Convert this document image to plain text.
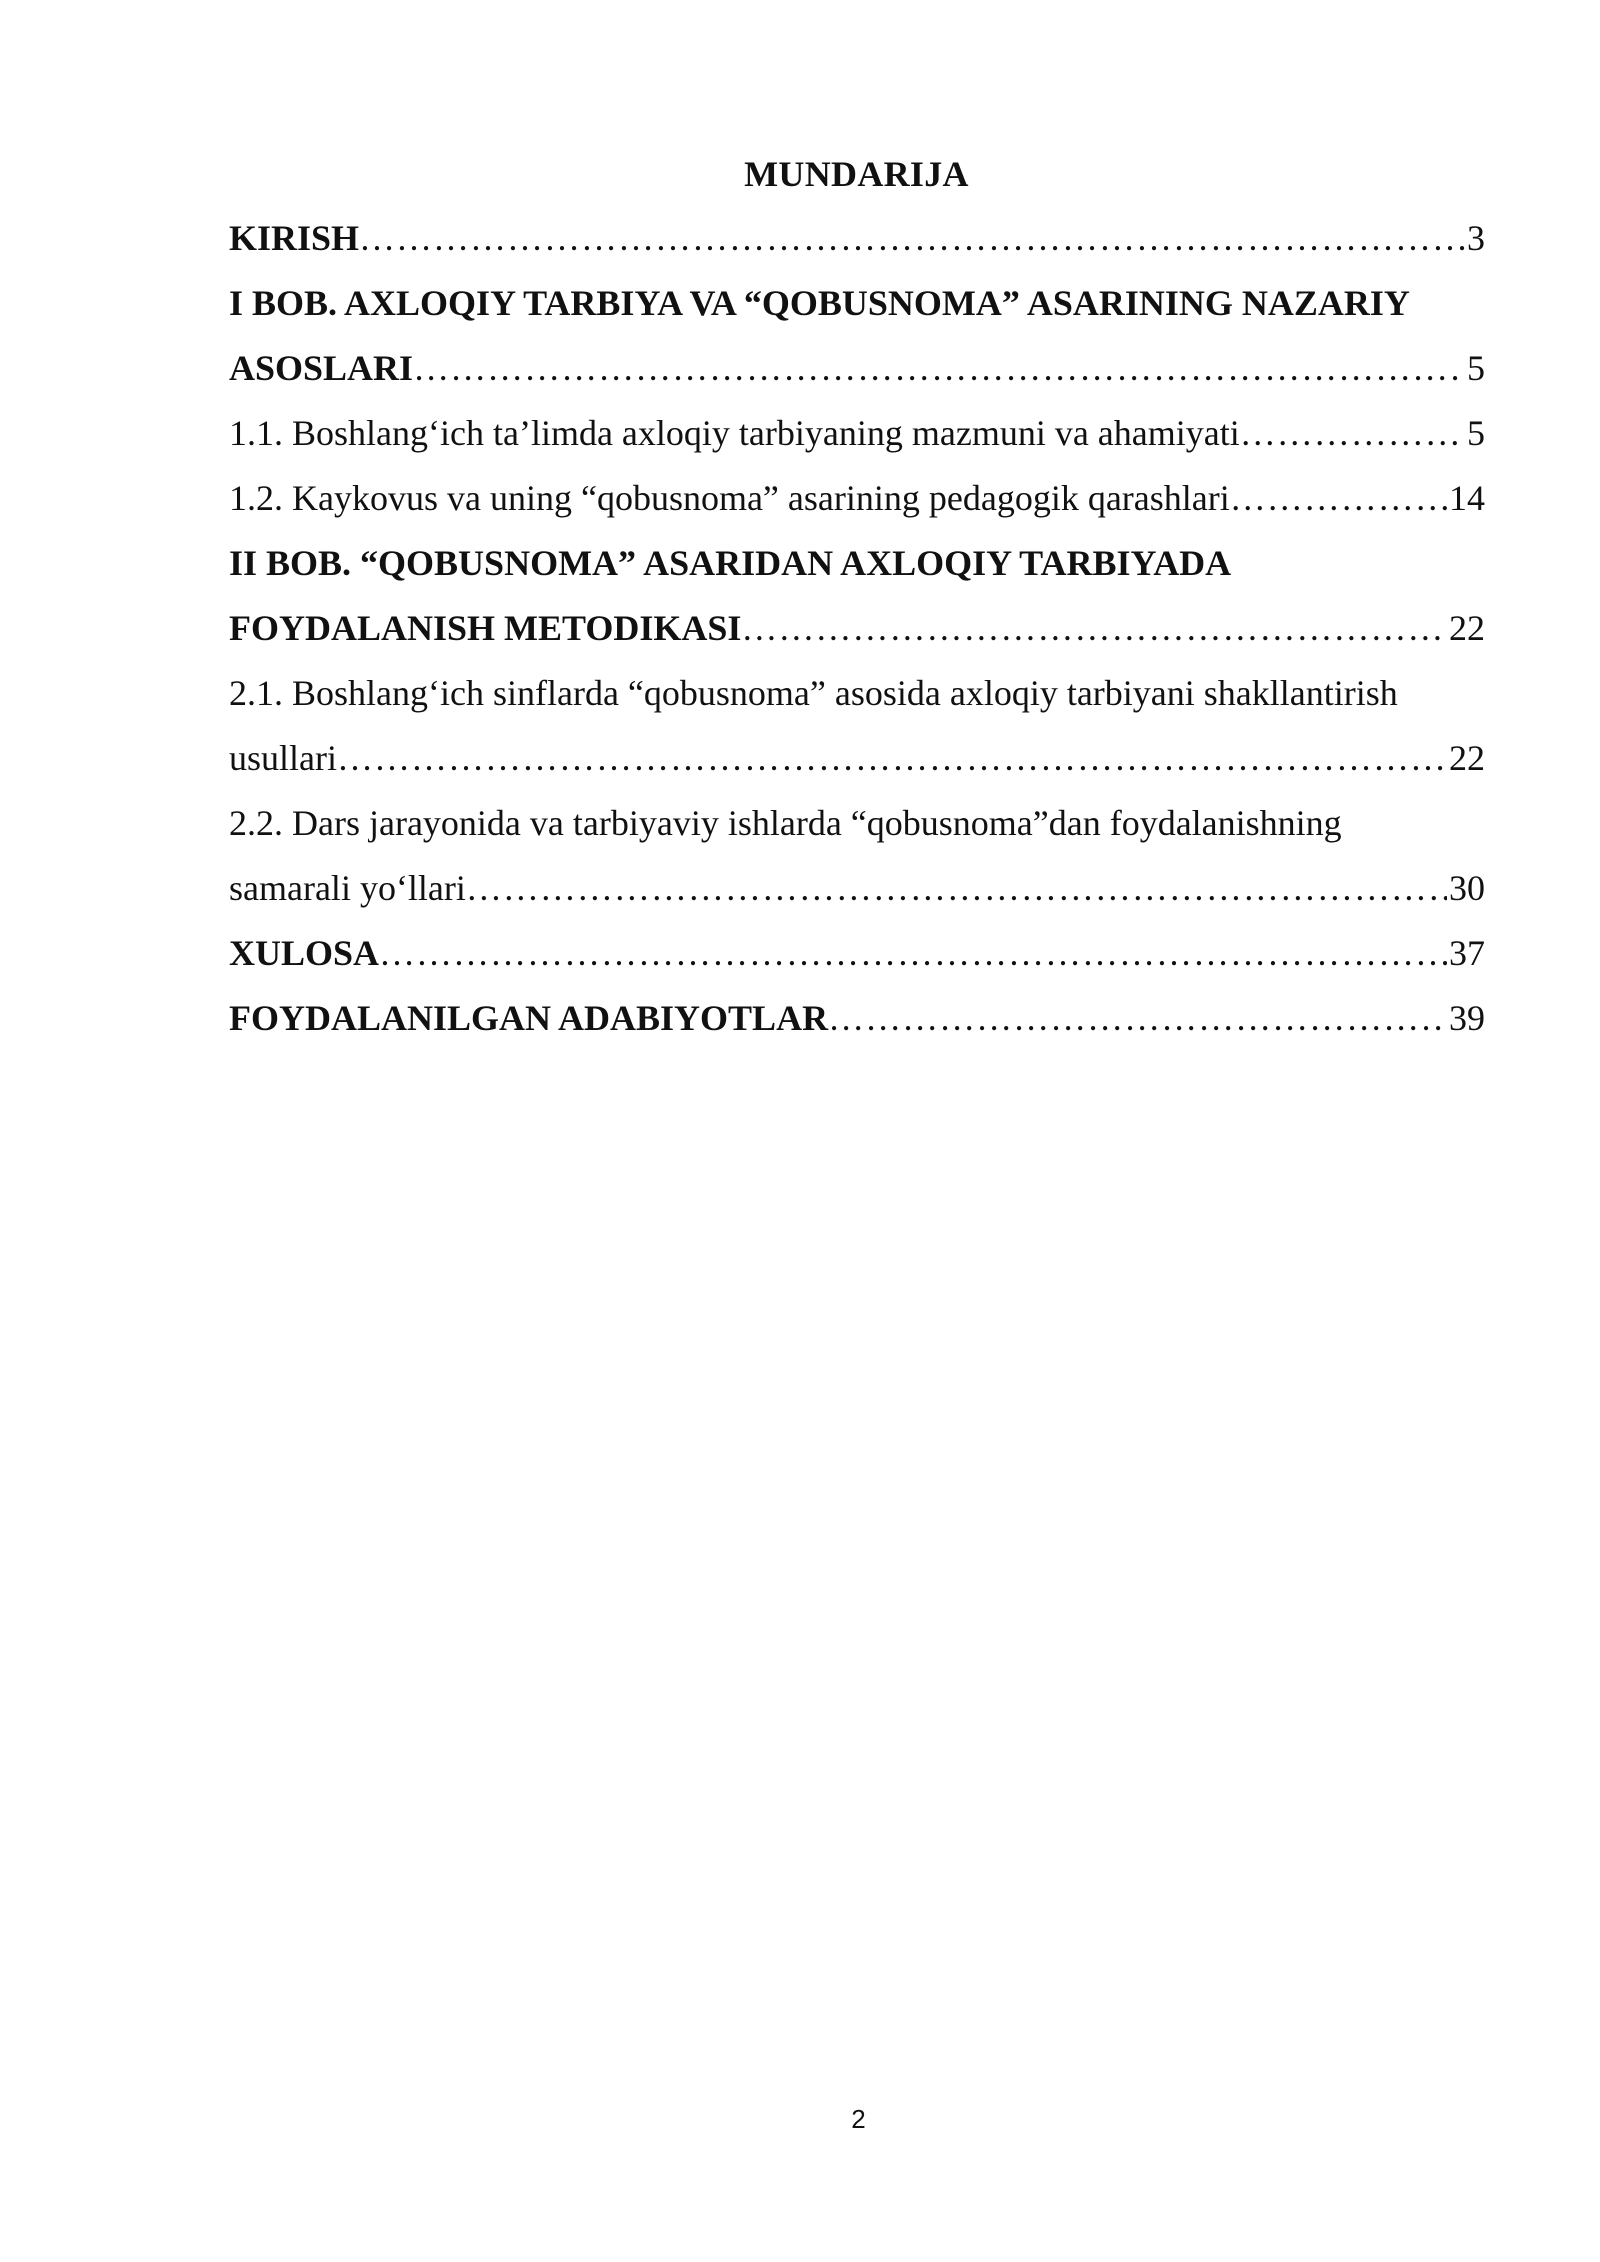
MUNDARIJA
KIRISH ………………………………………………………………………………………………………………………………………………………………	3
I BOB. AXLOQIY TARBIYA VA “QOBUSNOMA” ASARINING NAZARIY
ASOSLARI ………………………………………………………………………………………………………………………………………………………………	5
1.1. Boshlang‘ich ta’limda axloqiy tarbiyaning mazmuni va ahamiyati ………………………………………………………………………………………………………………………………………………………………	5
1.2. Kaykovus va uning “qobusnoma” asarining pedagogik qarashlari ………………………………………………………………………………………………………………………………………………………………	14
II BOB. “QOBUSNOMA” ASARIDAN AXLOQIY TARBIYADA
FOYDALANISH METODIKASI ………………………………………………………………………………………………………………………………………………………………	22
2.1. Boshlang‘ich sinflarda “qobusnoma” asosida axloqiy tarbiyani shakllantirish
usullari ………………………………………………………………………………………………………………………………………………………………	22
2.2. Dars jarayonida va tarbiyaviy ishlarda “qobusnoma”dan foydalanishning
samarali yo‘llari ………………………………………………………………………………………………………………………………………………………………	30
XULOSA ………………………………………………………………………………………………………………………………………………………………	37
FOYDALANILGAN ADABIYOTLAR ………………………………………………………………………………………………………………………………………………………………	39
2
